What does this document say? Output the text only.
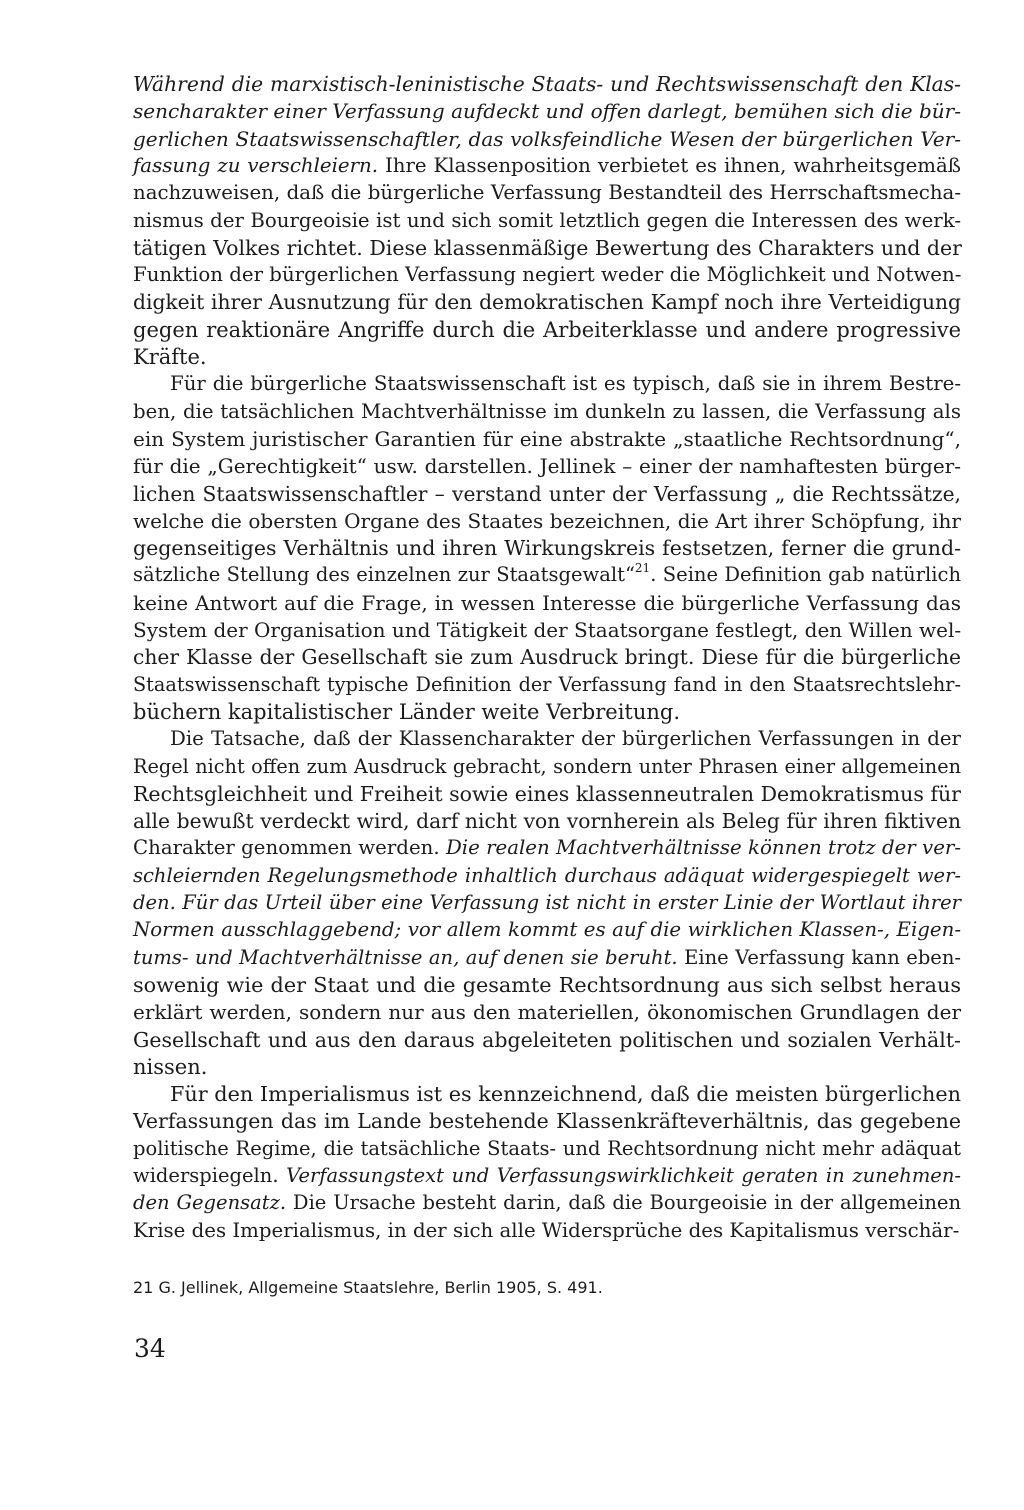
Während die marxistisch-leninistische Staats- und Rechtswissenschaft den Klas-
sencharakter einer Verfassung aufdeckt und offen darlegt, bemühen sich die bür-
gerlichen Staatswissenschaftler, das volksfeindliche Wesen der bürgerlichen Ver-
fassung zu verschleiern. Ihre Klassenposition verbietet es ihnen, wahrheitsgemäß
nachzuweisen, daß die bürgerliche Verfassung Bestandteil des Herrschaftsmecha-
nismus der Bourgeoisie ist und sich somit letztlich gegen die Interessen des werk-
tätigen Volkes richtet. Diese klassenmäßige Bewertung des Charakters und der
Funktion der bürgerlichen Verfassung negiert weder die Möglichkeit und Notwen-
digkeit ihrer Ausnutzung für den demokratischen Kampf noch ihre Verteidigung
gegen reaktionäre Angriffe durch die Arbeiterklasse und andere progressive
Kräfte.
Für die bürgerliche Staatswissenschaft ist es typisch, daß sie in ihrem Bestre-
ben, die tatsächlichen Machtverhältnisse im dunkeln zu lassen, die Verfassung als
ein System juristischer Garantien für eine abstrakte „staatliche Rechtsordnung“,
für die „Gerechtigkeit“ usw. darstellen. Jellinek – einer der namhaftesten bürger-
lichen Staatswissenschaftler – verstand unter der Verfassung „ die Rechtssätze,
welche die obersten Organe des Staates bezeichnen, die Art ihrer Schöpfung, ihr
gegenseitiges Verhältnis und ihren Wirkungskreis festsetzen, ferner die grund-
sätzliche Stellung des einzelnen zur Staatsgewalt“$^{21}$. Seine Definition gab natürlich
keine Antwort auf die Frage, in wessen Interesse die bürgerliche Verfassung das
System der Organisation und Tätigkeit der Staatsorgane festlegt, den Willen wel-
cher Klasse der Gesellschaft sie zum Ausdruck bringt. Diese für die bürgerliche
Staatswissenschaft typische Definition der Verfassung fand in den Staatsrechtslehr-
büchern kapitalistischer Länder weite Verbreitung.
Die Tatsache, daß der Klassencharakter der bürgerlichen Verfassungen in der
Regel nicht offen zum Ausdruck gebracht, sondern unter Phrasen einer allgemeinen
Rechtsgleichheit und Freiheit sowie eines klassenneutralen Demokratismus für
alle bewußt verdeckt wird, darf nicht von vornherein als Beleg für ihren fiktiven
Charakter genommen werden. Die realen Machtverhältnisse können trotz der ver-
schleiernden Regelungsmethode inhaltlich durchaus adäquat widergespiegelt wer-
den. Für das Urteil über eine Verfassung ist nicht in erster Linie der Wortlaut ihrer
Normen ausschlaggebend; vor allem kommt es auf die wirklichen Klassen-, Eigen-
tums- und Machtverhältnisse an, auf denen sie beruht. Eine Verfassung kann eben-
sowenig wie der Staat und die gesamte Rechtsordnung aus sich selbst heraus
erklärt werden, sondern nur aus den materiellen, ökonomischen Grundlagen der
Gesellschaft und aus den daraus abgeleiteten politischen und sozialen Verhält-
nissen.
Für den Imperialismus ist es kennzeichnend, daß die meisten bürgerlichen
Verfassungen das im Lande bestehende Klassenkräfteverhältnis, das gegebene
politische Regime, die tatsächliche Staats- und Rechtsordnung nicht mehr adäquat
widerspiegeln. Verfassungstext und Verfassungswirklichkeit geraten in zunehmen-
den Gegensatz. Die Ursache besteht darin, daß die Bourgeoisie in der allgemeinen
Krise des Imperialismus, in der sich alle Widersprüche des Kapitalismus verschär-
21 G. Jellinek, Allgemeine Staatslehre, Berlin 1905, S. 491.
34
